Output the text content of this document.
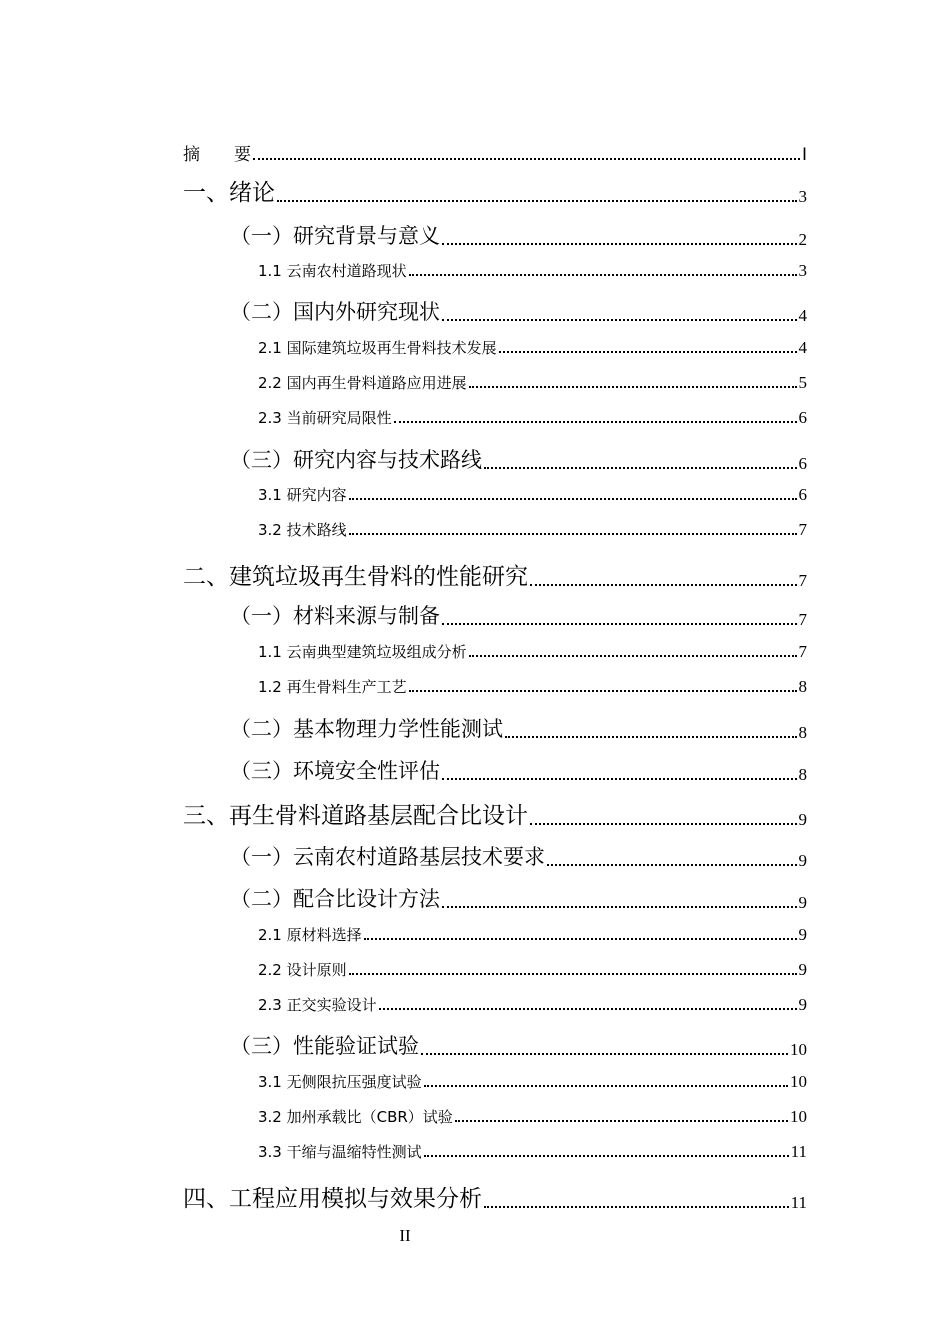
摘　　要	Ⅰ
一、绪论	3
（一）研究背景与意义	2
1.1 云南农村道路现状	3
（二）国内外研究现状	4
2.1 国际建筑垃圾再生骨料技术发展	4
2.2 国内再生骨料道路应用进展	5
2.3 当前研究局限性	6
（三）研究内容与技术路线	6
3.1 研究内容	6
3.2 技术路线	7
二、建筑垃圾再生骨料的性能研究	7
（一）材料来源与制备	7
1.1 云南典型建筑垃圾组成分析	7
1.2 再生骨料生产工艺	8
（二）基本物理力学性能测试	8
（三）环境安全性评估	8
三、再生骨料道路基层配合比设计	9
（一）云南农村道路基层技术要求	9
（二）配合比设计方法	9
2.1 原材料选择	9
2.2 设计原则	9
2.3 正交实验设计	9
（三）性能验证试验	10
3.1 无侧限抗压强度试验	10
3.2 加州承载比（CBR）试验	10
3.3 干缩与温缩特性测试	11
四、工程应用模拟与效果分析	11
II
